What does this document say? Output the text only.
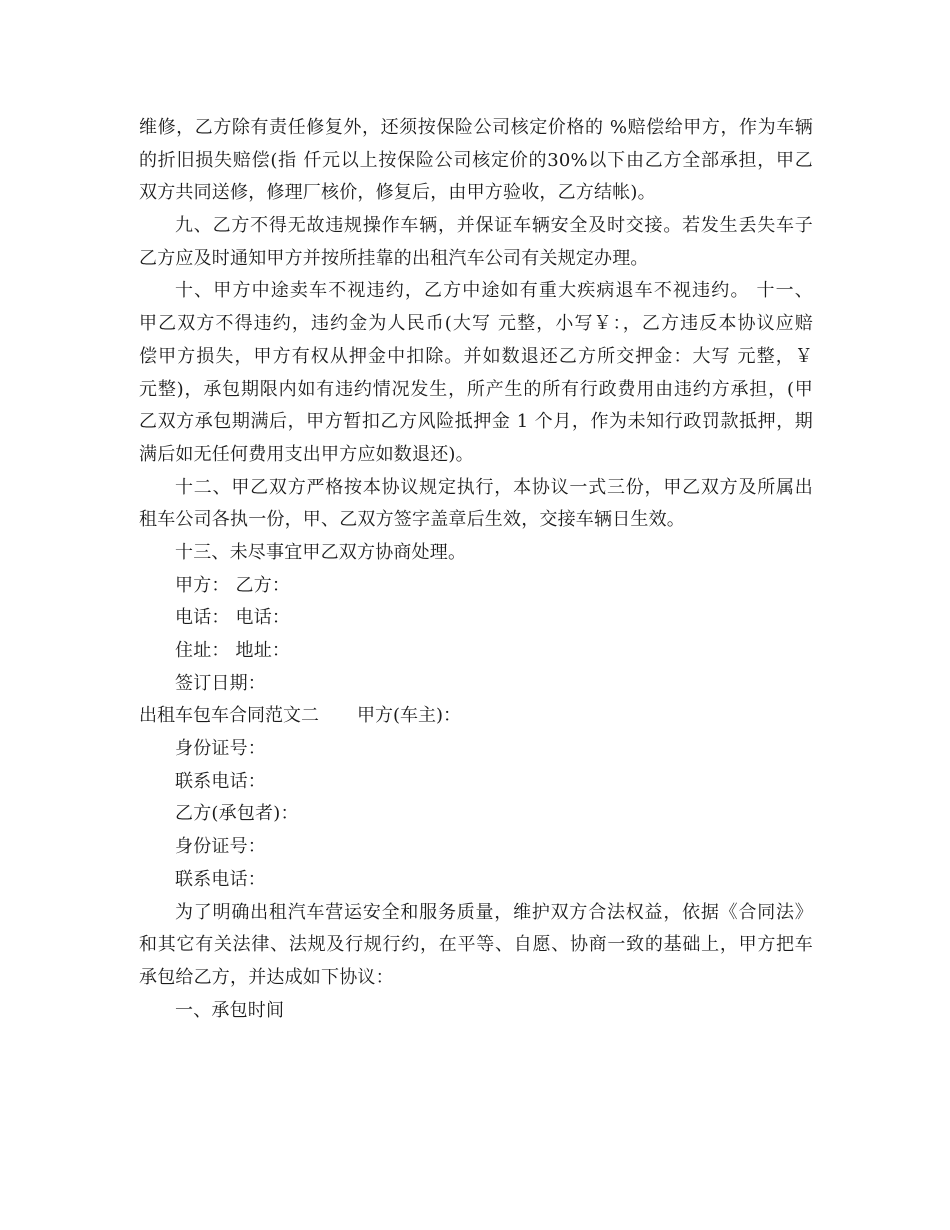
维修，乙方除有责任修复外，还须按保险公司核定价格的 %赔偿给甲方，作为车辆
的折旧损失赔偿(指 仟元以上按保险公司核定价的30%以下由乙方全部承担，甲乙
双方共同送修，修理厂核价，修复后，由甲方验收，乙方结帐)。
九、乙方不得无故违规操作车辆，并保证车辆安全及时交接。若发生丢失车子
乙方应及时通知甲方并按所挂靠的出租汽车公司有关规定办理。
十、甲方中途卖车不视违约，乙方中途如有重大疾病退车不视违约。 十一、
甲乙双方不得违约，违约金为人民币(大写 元整，小写￥：，乙方违反本协议应赔
偿甲方损失，甲方有权从押金中扣除。并如数退还乙方所交押金：大写 元整，￥
元整)，承包期限内如有违约情况发生，所产生的所有行政费用由违约方承担，(甲
乙双方承包期满后，甲方暂扣乙方风险抵押金 1 个月，作为未知行政罚款抵押，期
满后如无任何费用支出甲方应如数退还)。
十二、甲乙双方严格按本协议规定执行，本协议一式三份，甲乙双方及所属出
租车公司各执一份，甲、乙双方签字盖章后生效，交接车辆日生效。
十三、未尽事宜甲乙双方协商处理。
甲方： 乙方：
电话： 电话：
住址： 地址：
签订日期：
出租车包车合同范文二 甲方(车主)：
身份证号：
联系电话：
乙方(承包者)：
身份证号：
联系电话：
为了明确出租汽车营运安全和服务质量，维护双方合法权益，依据《合同法》
和其它有关法律、法规及行规行约，在平等、自愿、协商一致的基础上，甲方把车
承包给乙方，并达成如下协议：
一、承包时间
